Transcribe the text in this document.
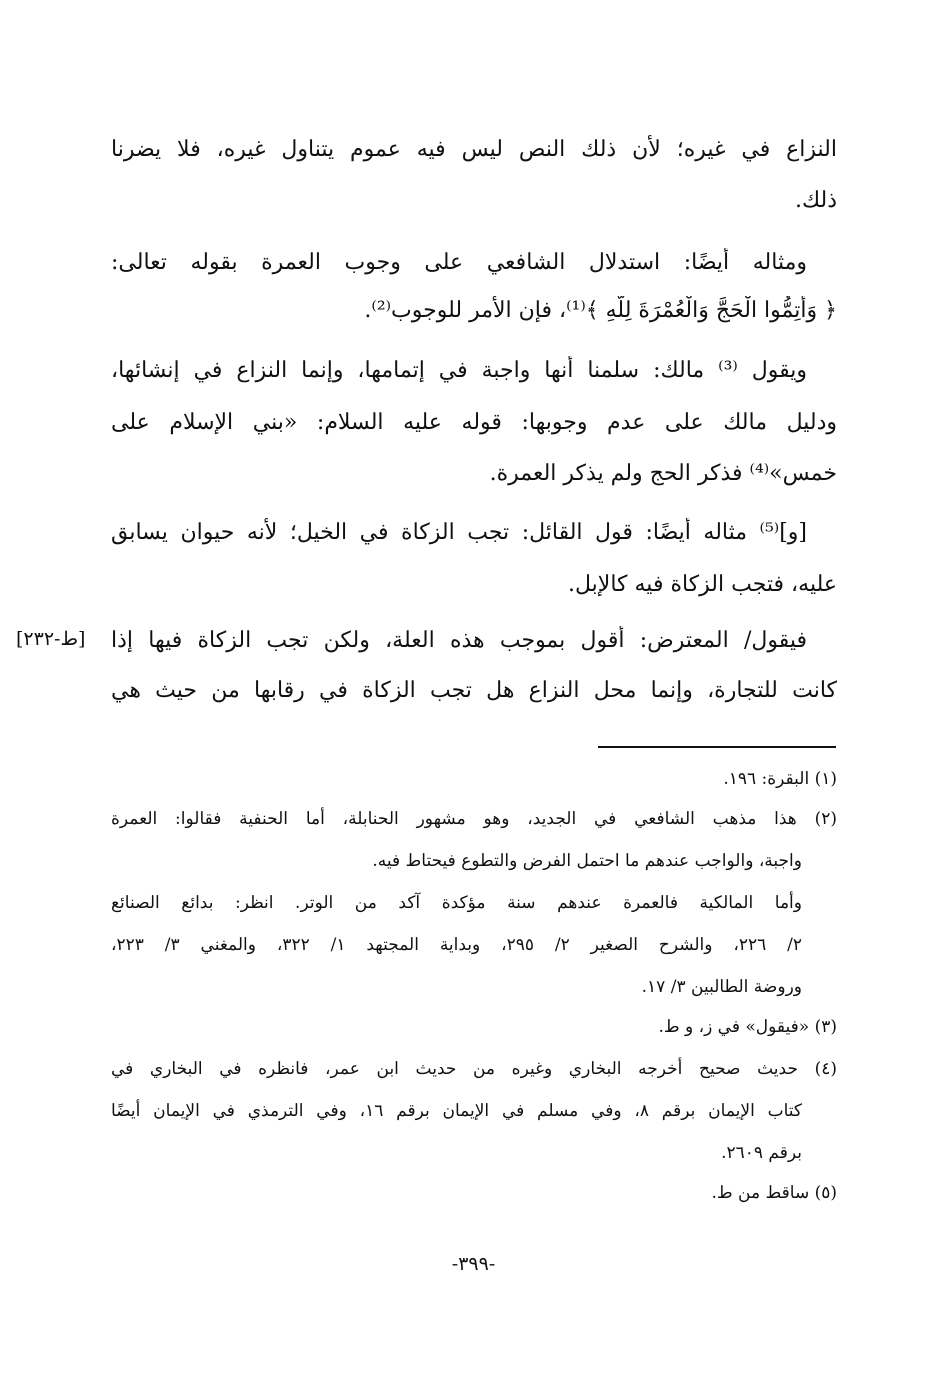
النزاع في غيره؛ لأن ذلك النص ليس فيه عموم يتناول غيره، فلا يضرنا
ذلك.
ومثاله أيضًا: استدلال الشافعي على وجوب العمرة بقوله تعالى:
﴿ وَأَتِمُّوا الْحَجَّ وَالْعُمْرَةَ لِلَّهِ ﴾⁽¹⁾، فإن الأمر للوجوب⁽²⁾.
ويقول ⁽³⁾ مالك: سلمنا أنها واجبة في إتمامها، وإنما النزاع في إنشائها،
ودليل مالك على عدم وجوبها: قوله عليه السلام: «بني الإسلام على
خمس»⁽⁴⁾ فذكر الحج ولم يذكر العمرة.
[و]⁽⁵⁾ مثاله أيضًا: قول القائل: تجب الزكاة في الخيل؛ لأنه حيوان يسابق
عليه، فتجب الزكاة فيه كالإبل.
فيقول/ المعترض: أقول بموجب هذه العلة، ولكن تجب الزكاة فيها إذا
كانت للتجارة، وإنما محل النزاع هل تجب الزكاة في رقابها من حيث هي
[ط-٢٣٢]
(١) البقرة: ١٩٦.
(٢) هذا مذهب الشافعي في الجديد، وهو مشهور الحنابلة، أما الحنفية فقالوا: العمرة
واجبة، والواجب عندهم ما احتمل الفرض والتطوع فيحتاط فيه.
وأما المالكية فالعمرة عندهم سنة مؤكدة آكد من الوتر. انظر: بدائع الصنائع
٢/ ٢٢٦، والشرح الصغير ٢/ ٢٩٥، وبداية المجتهد ١/ ٣٢٢، والمغني ٣/ ٢٢٣،
وروضة الطالبين ٣/ ١٧.
(٣) «فيقول» في ز، و ط.
(٤) حديث صحيح أخرجه البخاري وغيره من حديث ابن عمر، فانظره في البخاري في
كتاب الإيمان برقم ٨، وفي مسلم في الإيمان برقم ١٦، وفي الترمذي في الإيمان أيضًا
برقم ٢٦٠٩.
(٥) ساقط من ط.
-٣٩٩-
